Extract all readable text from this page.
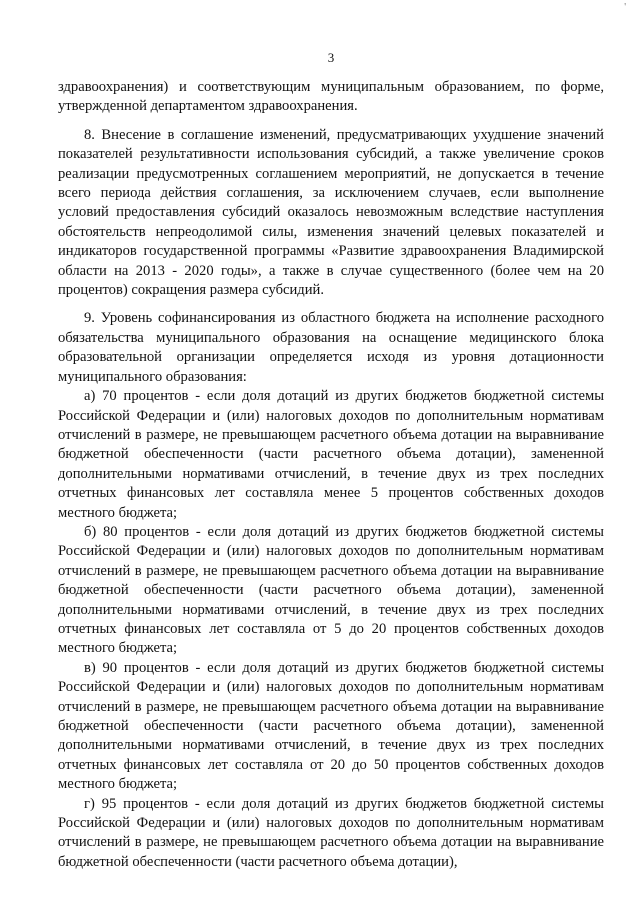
'
3

здравоохранения) и соответствующим муниципальным образованием, по форме, утвержденной департаментом здравоохранения.

8. Внесение в соглашение изменений, предусматривающих ухудшение значений показателей результативности использования субсидий, а также увеличение сроков реализации предусмотренных соглашением мероприятий, не допускается в течение всего периода действия соглашения, за исключением случаев, если выполнение условий предоставления субсидий оказалось невозможным вследствие наступления обстоятельств непреодолимой силы, изменения значений целевых показателей и индикаторов государственной программы «Развитие здравоохранения Владимирской области на 2013 - 2020 годы», а также в случае существенного (более чем на 20 процентов) сокращения размера субсидий.

9. Уровень софинансирования из областного бюджета на исполнение расходного обязательства муниципального образования на оснащение медицинского блока образовательной организации определяется исходя из уровня дотационности муниципального образования:

а) 70 процентов - если доля дотаций из других бюджетов бюджетной системы Российской Федерации и (или) налоговых доходов по дополнительным нормативам отчислений в размере, не превышающем расчетного объема дотации на выравнивание бюджетной обеспеченности (части расчетного объема дотации), замененной дополнительными нормативами отчислений, в течение двух из трех последних отчетных финансовых лет составляла менее 5 процентов собственных доходов местного бюджета;

б) 80 процентов - если доля дотаций из других бюджетов бюджетной системы Российской Федерации и (или) налоговых доходов по дополнительным нормативам отчислений в размере, не превышающем расчетного объема дотации на выравнивание бюджетной обеспеченности (части расчетного объема дотации), замененной дополнительными нормативами отчислений, в течение двух из трех последних отчетных финансовых лет составляла от 5 до 20 процентов собственных доходов местного бюджета;

в) 90 процентов - если доля дотаций из других бюджетов бюджетной системы Российской Федерации и (или) налоговых доходов по дополнительным нормативам отчислений в размере, не превышающем расчетного объема дотации на выравнивание бюджетной обеспеченности (части расчетного объема дотации), замененной дополнительными нормативами отчислений, в течение двух из трех последних отчетных финансовых лет составляла от 20 до 50 процентов собственных доходов местного бюджета;

г) 95 процентов - если доля дотаций из других бюджетов бюджетной системы Российской Федерации и (или) налоговых доходов по дополнительным нормативам отчислений в размере, не превышающем расчетного объема дотации на выравнивание бюджетной обеспеченности (части расчетного объема дотации),
